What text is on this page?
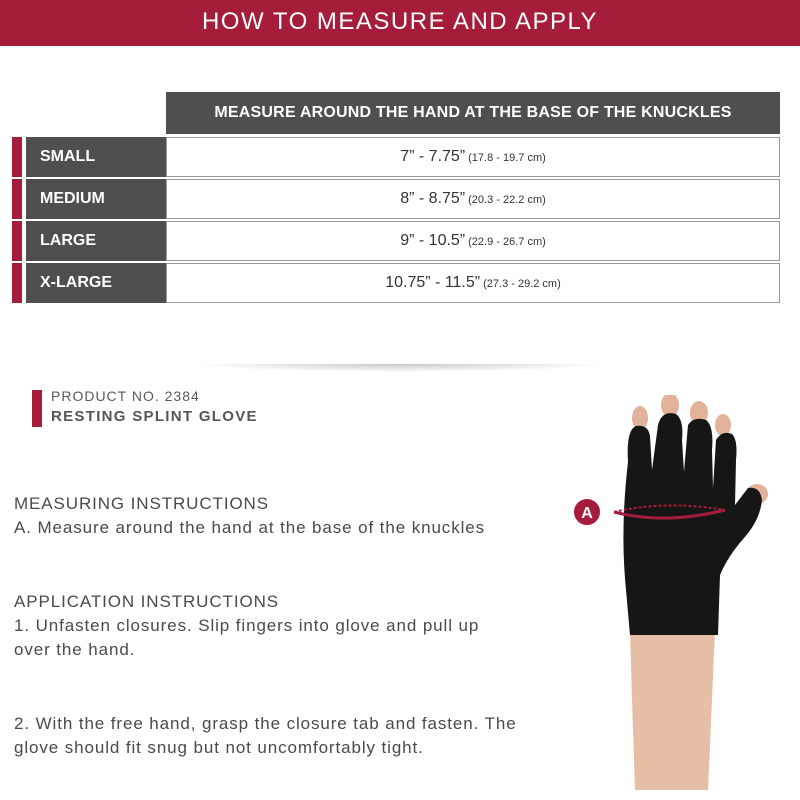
HOW TO MEASURE AND APPLY
MEASURE AROUND THE HAND AT THE BASE OF THE KNUCKLES
SMALL	7” - 7.75” (17.8 - 19.7 cm)
MEDIUM	8” - 8.75” (20.3 - 22.2 cm)
LARGE	9” - 10.5” (22.9 - 26.7 cm)
X-LARGE	10.75” - 11.5” (27.3 - 29.2 cm)
PRODUCT NO. 2384
RESTING SPLINT GLOVE
MEASURING INSTRUCTIONS
A. Measure around the hand at the base of the knuckles
APPLICATION INSTRUCTIONS
1. Unfasten closures. Slip fingers into glove and pull up
over the hand.
2. With the free hand, grasp the closure tab and fasten. The
glove should fit snug but not uncomfortably tight.
A
